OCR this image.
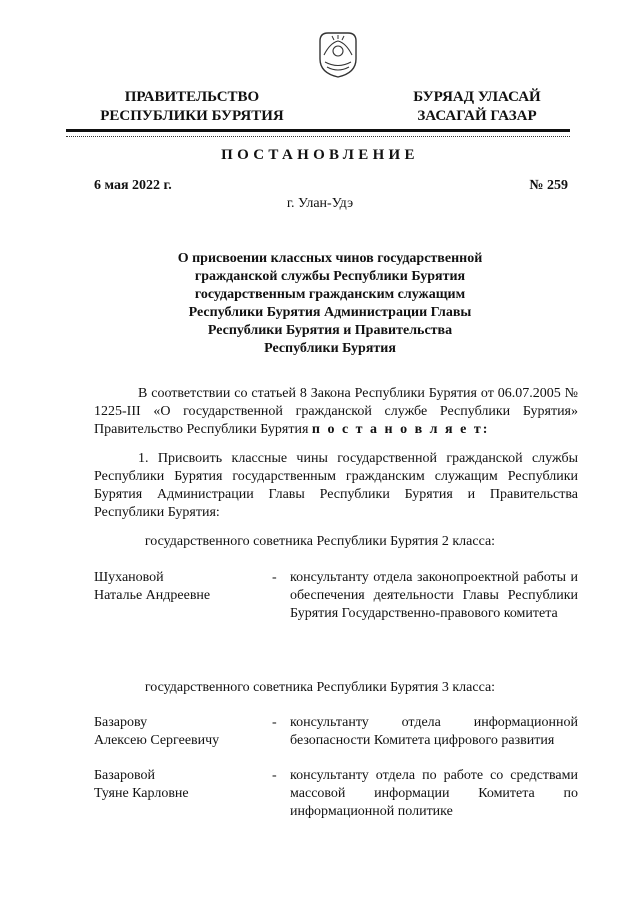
ПРАВИТЕЛЬСТВО
РЕСПУБЛИКИ БУРЯТИЯ
БУРЯАД УЛАСАЙ
ЗАСАГАЙ ГАЗАР
ПОСТАНОВЛЕНИЕ
6 мая 2022 г.	№ 259
г. Улан-Удэ
О присвоении классных чинов государственной
гражданской службы Республики Бурятия
государственным гражданским служащим
Республики Бурятия Администрации Главы
Республики Бурятия и Правительства
Республики Бурятия
В соответствии со статьей 8 Закона Республики Бурятия от 06.07.2005 № 1225-III «О государственной гражданской службе Республики Бурятия» Правительство Республики Бурятия п о с т а н о в л я е т:
1. Присвоить классные чины государственной гражданской службы Республики Бурятия государственным гражданским служащим Республики Бурятия Администрации Главы Республики Бурятия и Правительства Республики Бурятия:
государственного советника Республики Бурятия 2 класса:
Шухановой
Наталье Андреевне
- консультанту отдела законопроектной работы и обеспечения деятельности Главы Республики Бурятия Государственно-правового комитета
государственного советника Республики Бурятия 3 класса:
Базарову
Алексею Сергеевичу
- консультанту отдела информационной безопасности Комитета цифрового развития
Базаровой
Туяне Карловне
- консультанту отдела по работе со средствами массовой информации Комитета по информационной политике
